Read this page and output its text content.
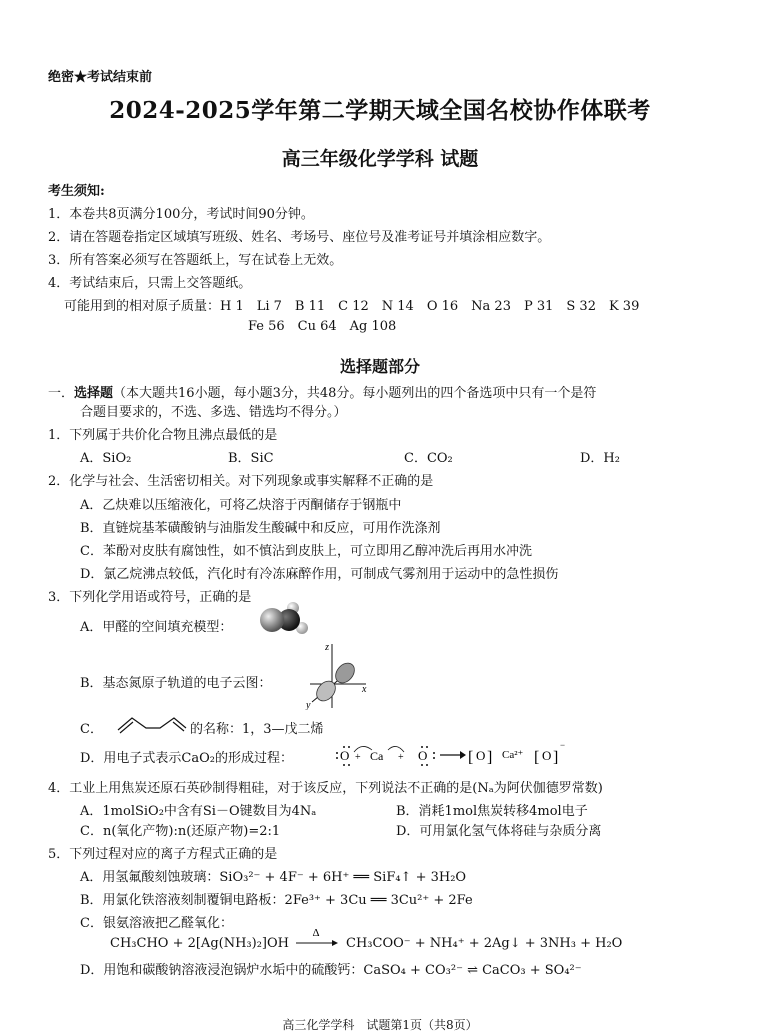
绝密★考试结束前
2024-2025学年第二学期天域全国名校协作体联考
高三年级化学学科 试题
考生须知:
1．本卷共8页满分100分，考试时间90分钟。
2．请在答题卷指定区域填写班级、姓名、考场号、座位号及准考证号并填涂相应数字。
3．所有答案必须写在答题纸上，写在试卷上无效。
4．考试结束后，只需上交答题纸。
可能用到的相对原子质量：H 1　Li 7　B 11　C 12　N 14　O 16　Na 23　P 31　S 32　K 39
Fe 56　Cu 64　Ag 108
选择题部分
一．选择题（本大题共16小题，每小题3分，共48分。每小题列出的四个备选项中只有一个是符
合题目要求的，不选、多选、错选均不得分。）
1．下列属于共价化合物且沸点最低的是
A．SiO₂	B．SiC	C．CO₂	D．H₂
2．化学与社会、生活密切相关。对下列现象或事实解释不正确的是
A．乙炔难以压缩液化，可将乙炔溶于丙酮储存于钢瓶中
B．直链烷基苯磺酸钠与油脂发生酸碱中和反应，可用作洗涤剂
C．苯酚对皮肤有腐蚀性，如不慎沾到皮肤上，可立即用乙醇冲洗后再用水冲洗
D．氯乙烷沸点较低，汽化时有冷冻麻醉作用，可制成气雾剂用于运动中的急性损伤
3．下列化学用语或符号，正确的是
A．甲醛的空间填充模型：
B．基态氮原子轨道的电子云图：
z
x
y
C．	的名称：1，3—戊二烯
D．用电子式表示CaO₂的形成过程：	O + Ca + O	[ O ] Ca²⁺ [ O ]
−
4．工业上用焦炭还原石英砂制得粗硅，对于该反应，下列说法不正确的是(Nₐ为阿伏伽德罗常数)
A．1molSiO₂中含有Si－O键数目为4Nₐ	B．消耗1mol焦炭转移4mol电子
C．n(氧化产物):n(还原产物)=2:1	D．可用氯化氢气体将硅与杂质分离
5．下列过程对应的离子方程式正确的是
A．用氢氟酸刻蚀玻璃：SiO₃²⁻ + 4F⁻ + 6H⁺ ══ SiF₄↑ + 3H₂O
B．用氯化铁溶液刻制覆铜电路板：2Fe³⁺ + 3Cu ══ 3Cu²⁺ + 2Fe
C．银氨溶液把乙醛氧化：
CH₃CHO + 2[Ag(NH₃)₂]OH
Δ
CH₃COO⁻ + NH₄⁺ + 2Ag↓ + 3NH₃ + H₂O
D．用饱和碳酸钠溶液浸泡锅炉水垢中的硫酸钙：CaSO₄ + CO₃²⁻ ⇌ CaCO₃ + SO₄²⁻
高三化学学科　试题第1页（共8页）
